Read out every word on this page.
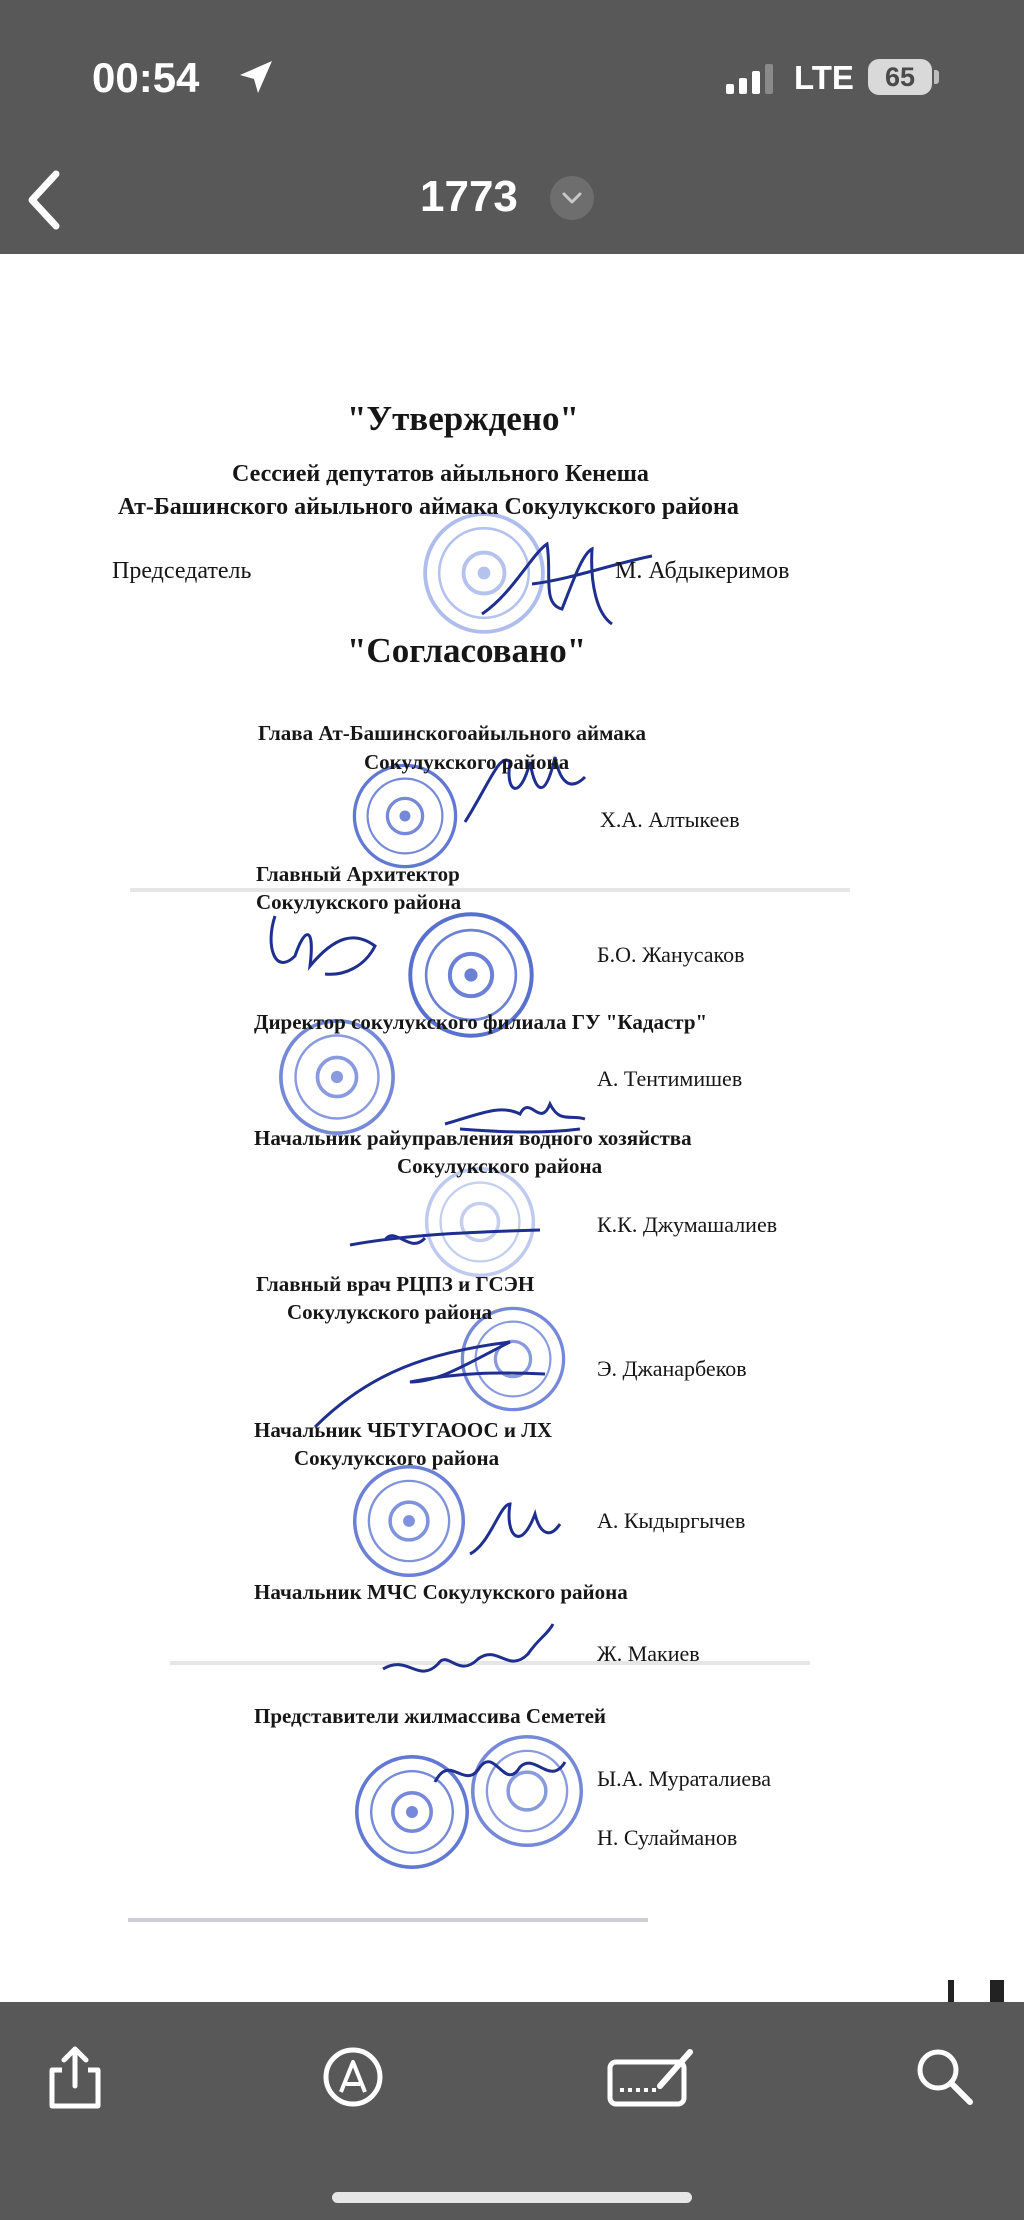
00:54	LTE	65
1773
"Утверждено"
Сессией депутатов айыльного Кенеша
Ат-Башинского айыльного аймака Сокулукского района
Председатель	М. Абдыкеримов
"Согласовано"
Глава Ат-Башинскогоайыльного аймака
Сокулукского района
Х.А. Алтыкеев
Главный Архитектор
Сокулукского района
Б.О. Жанусаков
Директор сокулукского филиала ГУ "Кадастр"
А. Тентимишев
Начальник райуправления водного хозяйства
Сокулукского района
К.К. Джумашалиев
Главный врач РЦПЗ и ГСЭН
Сокулукского района
Э. Джанарбеков
Начальник ЧБТУГАООС и ЛХ
Сокулукского района
А. Кыдыргычев
Начальник МЧС Сокулукского района
Ж. Макиев
Представители жилмассива Семетей
Ы.А. Мураталиева
Н. Сулайманов
